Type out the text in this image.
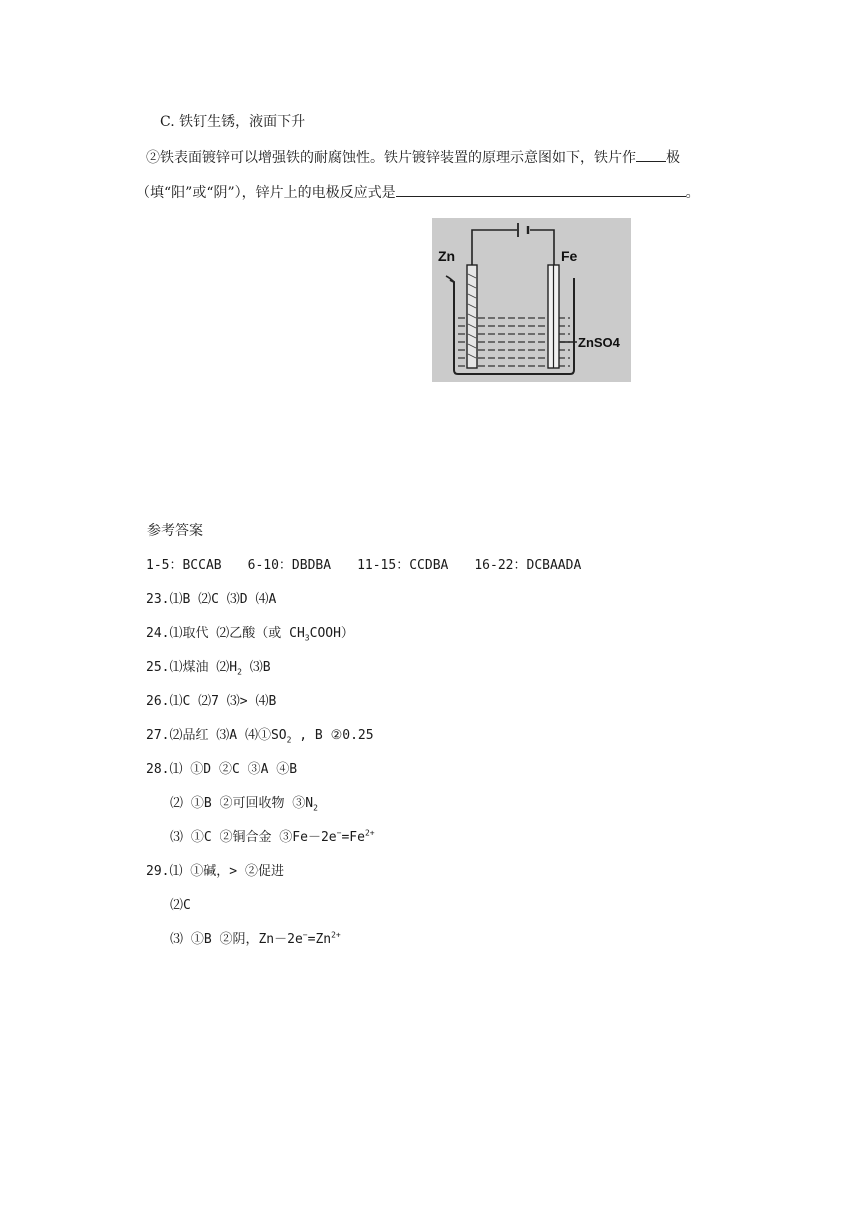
C. 铁钉生锈，液面下升
②铁表面镀锌可以增强铁的耐腐蚀性。铁片镀锌装置的原理示意图如下，铁片作 极
（填“阳”或“阴”），锌片上的电极反应式是	。
Zn	Fe
ZnSO4
参考答案
1-5：BCCAB 6-10：DBDBA 11-15：CCDBA 16-22：DCBAADA
23.⑴B ⑵C ⑶D ⑷A
24.⑴取代 ⑵乙酸（或 $CH_3COOH$）
25.⑴煤油 $⑵H_2$ ⑶B
26.⑴C ⑵7 ⑶> ⑷B
27.⑵品红 ⑶A $⑷①SO_2$ , B ②0.25
28.⑴ ①D ②C ③A ④B
⑵ ①B ②可回收物 $③N_2$
⑶ ①C ②铜合金 $③Fe-2e^-=Fe^{2+}$
29.⑴ ①碱，> ②促进
⑵C
⑶ ①B ②阴，$Zn-2e^-=Zn^{2+}$
